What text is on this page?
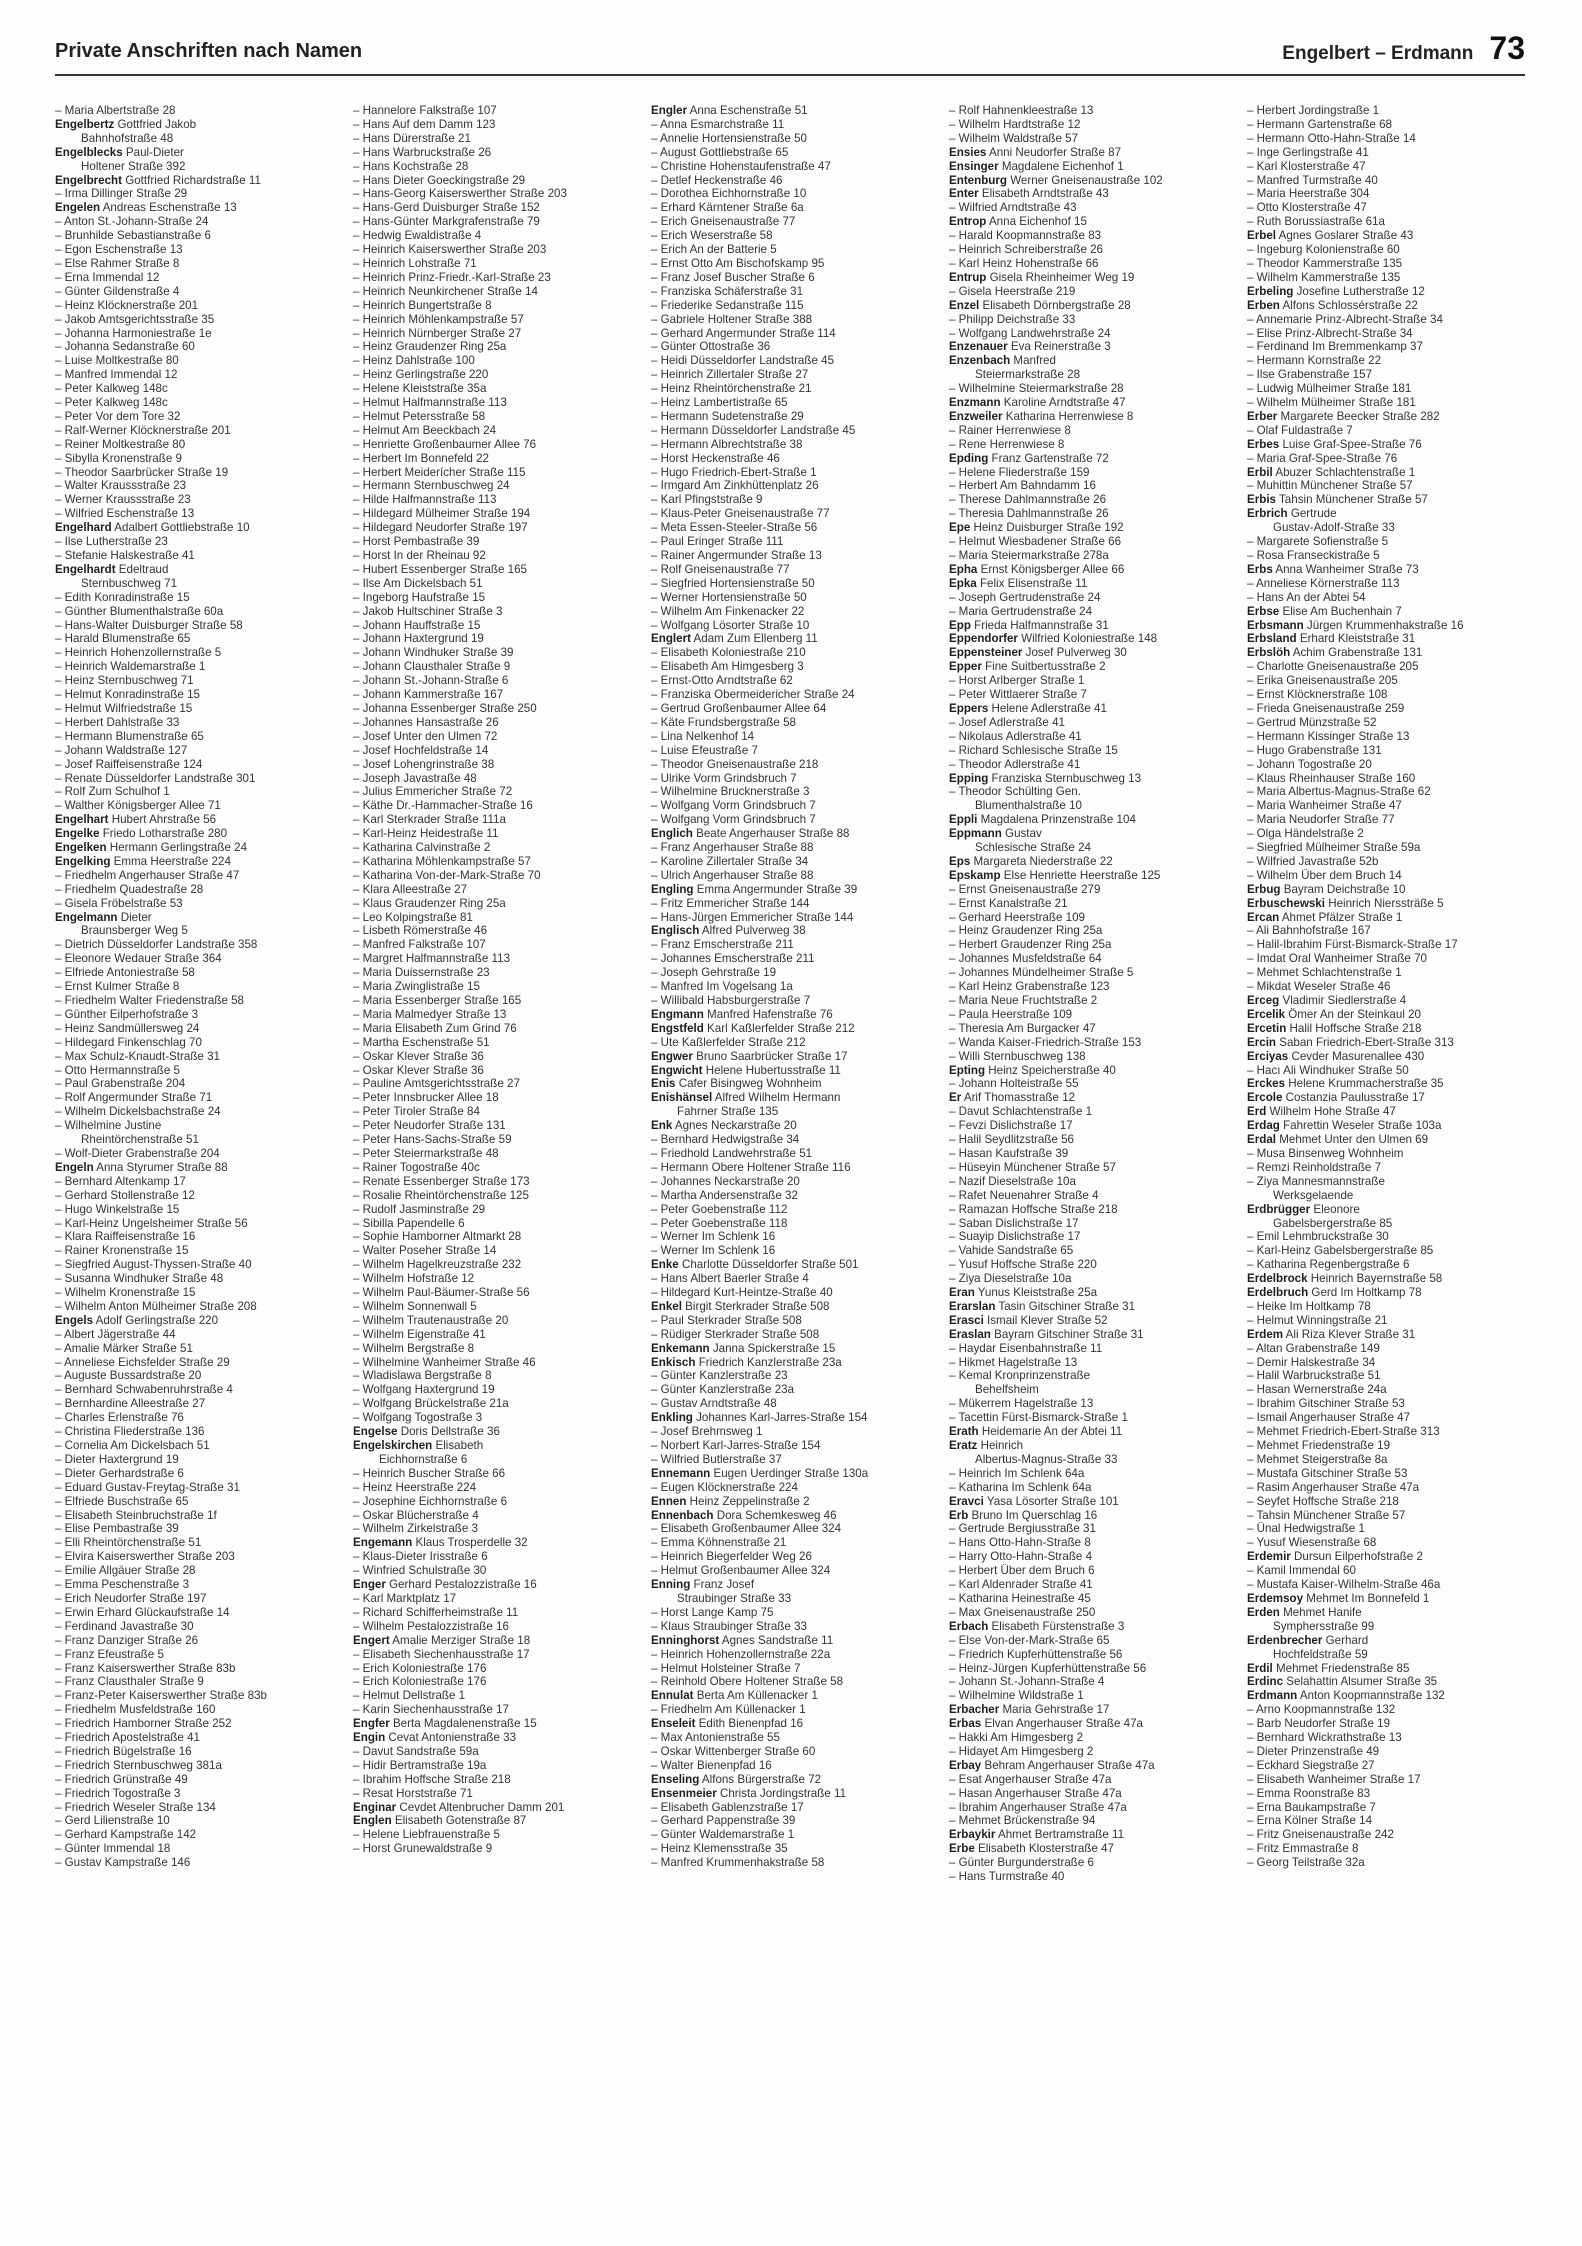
Private Anschriften nach Namen	Engelbert – Erdmann 73
– Maria Albertstraße 28
Engelbertz Gottfried Jakob
Bahnhofstraße 48
Engelblecks Paul-Dieter
Holtener Straße 392
Engelbrecht Gottfried Richardstraße 11
– Irma Dillinger Straße 29
Engelen Andreas Eschenstraße 13
– Anton St.-Johann-Straße 24
– Brunhilde Sebastianstraße 6
– Egon Eschenstraße 13
– Else Rahmer Straße 8
– Erna Immendal 12
– Günter Gildenstraße 4
– Heinz Klöcknerstraße 201
– Jakob Amtsgerichtsstraße 35
– Johanna Harmoniestraße 1e
– Johanna Sedanstraße 60
– Luise Moltkestraße 80
– Manfred Immendal 12
– Peter Kalkweg 148c
– Peter Kalkweg 148c
– Peter Vor dem Tore 32
– Ralf-Werner Klöcknerstraße 201
– Reiner Moltkestraße 80
– Sibylla Kronenstraße 9
– Theodor Saarbrücker Straße 19
– Walter Kraussstraße 23
– Werner Kraussstraße 23
– Wilfried Eschenstraße 13
Engelhard Adalbert Gottliebstraße 10
– Ilse Lutherstraße 23
– Stefanie Halskestraße 41
Engelhardt Edeltraud
Sternbuschweg 71
– Edith Konradinstraße 15
– Günther Blumenthalstraße 60a
– Hans-Walter Duisburger Straße 58
– Harald Blumenstraße 65
– Heinrich Hohenzollernstraße 5
– Heinrich Waldemarstraße 1
– Heinz Sternbuschweg 71
– Helmut Konradinstraße 15
– Helmut Wilfriedstraße 15
– Herbert Dahlstraße 33
– Hermann Blumenstraße 65
– Johann Waldstraße 127
– Josef Raiffeisenstraße 124
– Renate Düsseldorfer Landstraße 301
– Rolf Zum Schulhof 1
– Walther Königsberger Allee 71
Engelhart Hubert Ahrstraße 56
Engelke Friedo Lotharstraße 280
Engelken Hermann Gerlingstraße 24
Engelking Emma Heerstraße 224
– Friedhelm Angerhauser Straße 47
– Friedhelm Quadestraße 28
– Gisela Fröbelstraße 53
Engelmann Dieter
Braunsberger Weg 5
– Dietrich Düsseldorfer Landstraße 358
– Eleonore Wedauer Straße 364
– Elfriede Antoniestraße 58
– Ernst Kulmer Straße 8
– Friedhelm Walter Friedenstraße 58
– Günther Eilperhofstraße 3
– Heinz Sandmüllersweg 24
– Hildegard Finkenschlag 70
– Max Schulz-Knaudt-Straße 31
– Otto Hermannstraße 5
– Paul Grabenstraße 204
– Rolf Angermunder Straße 71
– Wilhelm Dickelsbachstraße 24
– Wilhelmine Justine
Rheintörchenstraße 51
– Wolf-Dieter Grabenstraße 204
Engeln Anna Styrumer Straße 88
– Bernhard Altenkamp 17
– Gerhard Stollenstraße 12
– Hugo Winkelstraße 15
– Karl-Heinz Ungelsheimer Straße 56
– Klara Raiffeisenstraße 16
– Rainer Kronenstraße 15
– Siegfried August-Thyssen-Straße 40
– Susanna Windhuker Straße 48
– Wilhelm Kronenstraße 15
– Wilhelm Anton Mülheimer Straße 208
Engels Adolf Gerlingstraße 220
– Albert Jägerstraße 44
– Amalie Märker Straße 51
– Anneliese Eichsfelder Straße 29
– Auguste Bussardstraße 20
– Bernhard Schwabenruhrstraße 4
– Bernhardine Alleestraße 27
– Charles Erlenstraße 76
– Christina Fliederstraße 136
– Cornelia Am Dickelsbach 51
– Dieter Haxtergrund 19
– Dieter Gerhardstraße 6
– Eduard Gustav-Freytag-Straße 31
– Elfriede Buschstraße 65
– Elisabeth Steinbruchstraße 1f
– Elise Pembastraße 39
– Elli Rheintörchenstraße 51
– Elvira Kaiserswerther Straße 203
– Emilie Allgäuer Straße 28
– Emma Peschenstraße 3
– Erich Neudorfer Straße 197
– Erwin Erhard Glückaufstraße 14
– Ferdinand Javastraße 30
– Franz Danziger Straße 26
– Franz Efeustraße 5
– Franz Kaiserswerther Straße 83b
– Franz Clausthaler Straße 9
– Franz-Peter Kaiserswerther Straße 83b
– Friedhelm Musfeldstraße 160
– Friedrich Hamborner Straße 252
– Friedrich Apostelstraße 41
– Friedrich Bügelstraße 16
– Friedrich Sternbuschweg 381a
– Friedrich Grünstraße 49
– Friedrich Togostraße 3
– Friedrich Weseler Straße 134
– Gerd Lilienstraße 10
– Gerhard Kampstraße 142
– Günter Immendal 18
– Gustav Kampstraße 146
– Hannelore Falkstraße 107
– Hans Auf dem Damm 123
– Hans Dürerstraße 21
– Hans Warbruckstraße 26
– Hans Kochstraße 28
– Hans Dieter Goeckingstraße 29
– Hans-Georg Kaiserswerther Straße 203
– Hans-Gerd Duisburger Straße 152
– Hans-Günter Markgrafenstraße 79
– Hedwig Ewaldistraße 4
– Heinrich Kaiserswerther Straße 203
– Heinrich Lohstraße 71
– Heinrich Prinz-Friedr.-Karl-Straße 23
– Heinrich Neunkirchener Straße 14
– Heinrich Bungertstraße 8
– Heinrich Möhlenkampstraße 57
– Heinrich Nürnberger Straße 27
– Heinz Graudenzer Ring 25a
– Heinz Dahlstraße 100
– Heinz Gerlingstraße 220
– Helene Kleiststraße 35a
– Helmut Halfmannstraße 113
– Helmut Petersstraße 58
– Helmut Am Beeckbach 24
– Henriette Großenbaumer Allee 76
– Herbert Im Bonnefeld 22
– Herbert Meiderícher Straße 115
– Hermann Sternbuschweg 24
– Hilde Halfmannstraße 113
– Hildegard Mülheimer Straße 194
– Hildegard Neudorfer Straße 197
– Horst Pembastraße 39
– Horst In der Rheinau 92
– Hubert Essenberger Straße 165
– Ilse Am Dickelsbach 51
– Ingeborg Haufstraße 15
– Jakob Hultschiner Straße 3
– Johann Hauffstraße 15
– Johann Haxtergrund 19
– Johann Windhuker Straße 39
– Johann Clausthaler Straße 9
– Johann St.-Johann-Straße 6
– Johann Kammerstraße 167
– Johanna Essenberger Straße 250
– Johannes Hansastraße 26
– Josef Unter den Ulmen 72
– Josef Hochfeldstraße 14
– Josef Lohengrinstraße 38
– Joseph Javastraße 48
– Julius Emmericher Straße 72
– Käthe Dr.-Hammacher-Straße 16
– Karl Sterkrader Straße 111a
– Karl-Heinz Heidestraße 11
– Katharina Calvinstraße 2
– Katharina Möhlenkampstraße 57
– Katharina Von-der-Mark-Straße 70
– Klara Alleestraße 27
– Klaus Graudenzer Ring 25a
– Leo Kolpingstraße 81
– Lisbeth Römerstraße 46
– Manfred Falkstraße 107
– Margret Halfmannstraße 113
– Maria Duissernstraße 23
– Maria Zwinglistraße 15
– Maria Essenberger Straße 165
– Maria Malmedyer Straße 13
– Maria Elisabeth Zum Grind 76
– Martha Eschenstraße 51
– Oskar Klever Straße 36
– Oskar Klever Straße 36
– Pauline Amtsgerichtsstraße 27
– Peter Innsbrucker Allee 18
– Peter Tiroler Straße 84
– Peter Neudorfer Straße 131
– Peter Hans-Sachs-Straße 59
– Peter Steiermarkstraße 48
– Rainer Togostraße 40c
– Renate Essenberger Straße 173
– Rosalie Rheintörchenstraße 125
– Rudolf Jasminstraße 29
– Sibilla Papendelle 6
– Sophie Hamborner Altmarkt 28
– Walter Poseher Straße 14
– Wilhelm Hagelkreuzstraße 232
– Wilhelm Hofstraße 12
– Wilhelm Paul-Bäumer-Straße 56
– Wilhelm Sonnenwall 5
– Wilhelm Trautenaustraße 20
– Wilhelm Eigenstraße 41
– Wilhelm Bergstraße 8
– Wilhelmine Wanheimer Straße 46
– Wladislawa Bergstraße 8
– Wolfgang Haxtergrund 19
– Wolfgang Brückelstraße 21a
– Wolfgang Togostraße 3
Engelse Doris Dellstraße 36
Engelskirchen Elisabeth
Eichhornstraße 6
– Heinrich Buscher Straße 66
– Heinz Heerstraße 224
– Josephine Eichhornstraße 6
– Oskar Blücherstraße 4
– Wilhelm Zirkelstraße 3
Engemann Klaus Trosperdelle 32
– Klaus-Dieter Irisstraße 6
– Winfried Schulstraße 30
Enger Gerhard Pestalozzistraße 16
– Karl Marktplatz 17
– Richard Schifferheimstraße 11
– Wilhelm Pestalozzistraße 16
Engert Amalie Merziger Straße 18
– Elisabeth Siechenhausstraße 17
– Erich Koloniestraße 176
– Erich Koloniestraße 176
– Helmut Dellstraße 1
– Karin Siechenhausstraße 17
Engfer Berta Magdalenenstraße 15
Engin Cevat Antonienstraße 33
– Davut Sandstraße 59a
– Hidir Bertramstraße 19a
– Ibrahim Hoffsche Straße 218
– Resat Horststraße 71
Enginar Cevdet Altenbrucher Damm 201
Englen Elisabeth Gotenstraße 87
– Helene Liebfrauenstraße 5
– Horst Grunewaldstraße 9
Engler Anna Eschenstraße 51
– Anna Esmarchstraße 11
– Annelie Hortensienstraße 50
– August Gottliebstraße 65
– Christine Hohenstaufenstraße 47
– Detlef Heckenstraße 46
– Dorothea Eichhornstraße 10
– Erhard Kärntener Straße 6a
– Erich Gneisenaustraße 77
– Erich Weserstraße 58
– Erich An der Batterie 5
– Ernst Otto Am Bischofskamp 95
– Franz Josef Buscher Straße 6
– Franziska Schäferstraße 31
– Friederike Sedanstraße 115
– Gabriele Holtener Straße 388
– Gerhard Angermunder Straße 114
– Günter Ottostraße 36
– Heidi Düsseldorfer Landstraße 45
– Heinrich Zillertaler Straße 27
– Heinz Rheintörchenstraße 21
– Heinz Lambertistraße 65
– Hermann Sudetenstraße 29
– Hermann Düsseldorfer Landstraße 45
– Hermann Albrechtstraße 38
– Horst Heckenstraße 46
– Hugo Friedrich-Ebert-Straße 1
– Irmgard Am Zinkhüttenplatz 26
– Karl Pfingststraße 9
– Klaus-Peter Gneisenaustraße 77
– Meta Essen-Steeler-Straße 56
– Paul Eringer Straße 111
– Rainer Angermunder Straße 13
– Rolf Gneisenaustraße 77
– Siegfried Hortensienstraße 50
– Werner Hortensienstraße 50
– Wilhelm Am Finkenacker 22
– Wolfgang Lösorter Straße 10
Englert Adam Zum Ellenberg 11
– Elisabeth Koloniestraße 210
– Elisabeth Am Himgesberg 3
– Ernst-Otto Arndtstraße 62
– Franziska Obermeidericher Straße 24
– Gertrud Großenbaumer Allee 64
– Käte Frundsbergstraße 58
– Lina Nelkenhof 14
– Luise Efeustraße 7
– Theodor Gneisenaustraße 218
– Ulrike Vorm Grindsbruch 7
– Wilhelmine Brucknerstraße 3
– Wolfgang Vorm Grindsbruch 7
– Wolfgang Vorm Grindsbruch 7
Englich Beate Angerhauser Straße 88
– Franz Angerhauser Straße 88
– Karoline Zillertaler Straße 34
– Ulrich Angerhauser Straße 88
Engling Emma Angermunder Straße 39
– Fritz Emmericher Straße 144
– Hans-Jürgen Emmericher Straße 144
Englisch Alfred Pulverweg 38
– Franz Emscherstraße 211
– Johannes Emscherstraße 211
– Joseph Gehrstraße 19
– Manfred Im Vogelsang 1a
– Willibald Habsburgerstraße 7
Engmann Manfred Hafenstraße 76
Engstfeld Karl Kaßlerfelder Straße 212
– Ute Kaßlerfelder Straße 212
Engwer Bruno Saarbrücker Straße 17
Engwicht Helene Hubertusstraße 11
Enis Cafer Bisingweg Wohnheim
Enishänsel Alfred Wilhelm Hermann
Fahrner Straße 135
Enk Agnes Neckarstraße 20
– Bernhard Hedwigstraße 34
– Friedhold Landwehrstraße 51
– Hermann Obere Holtener Straße 116
– Johannes Neckarstraße 20
– Martha Andersenstraße 32
– Peter Goebenstraße 112
– Peter Goebenstraße 118
– Werner Im Schlenk 16
– Werner Im Schlenk 16
Enke Charlotte Düsseldorfer Straße 501
– Hans Albert Baerler Straße 4
– Hildegard Kurt-Heintze-Straße 40
Enkel Birgit Sterkrader Straße 508
– Paul Sterkrader Straße 508
– Rüdiger Sterkrader Straße 508
Enkemann Janna Spickerstraße 15
Enkisch Friedrich Kanzlerstraße 23a
– Günter Kanzlerstraße 23
– Günter Kanzlerstraße 23a
– Gustav Arndtstraße 48
Enkling Johannes Karl-Jarres-Straße 154
– Josef Brehmsweg 1
– Norbert Karl-Jarres-Straße 154
– Wilfried Butlerstraße 37
Ennemann Eugen Uerdinger Straße 130a
– Eugen Klöcknerstraße 224
Ennen Heinz Zeppelinstraße 2
Ennenbach Dora Schemkesweg 46
– Elisabeth Großenbaumer Allee 324
– Emma Köhnenstraße 21
– Heinrich Biegerfelder Weg 26
– Helmut Großenbaumer Allee 324
Enning Franz Josef
Straubinger Straße 33
– Horst Lange Kamp 75
– Klaus Straubinger Straße 33
Enninghorst Agnes Sandstraße 11
– Heinrich Hohenzollernstraße 22a
– Helmut Holsteiner Straße 7
– Reinhold Obere Holtener Straße 58
Ennulat Berta Am Küllenacker 1
– Friedhelm Am Küllenacker 1
Enseleit Edith Bienenpfad 16
– Max Antonienstraße 55
– Oskar Wittenberger Straße 60
– Walter Bienenpfad 16
Enseling Alfons Bürgerstraße 72
Ensenmeier Christa Jordingstraße 11
– Elisabeth Gablenzstraße 17
– Gerhard Pappenstraße 39
– Günter Waldemarstraße 1
– Heinz Klemensstraße 35
– Manfred Krummenhakstraße 58
– Rolf Hahnenkleestraße 13
– Wilhelm Hardtstraße 12
– Wilhelm Waldstraße 57
Ensies Anni Neudorfer Straße 87
Ensinger Magdalene Eichenhof 1
Entenburg Werner Gneisenaustraße 102
Enter Elisabeth Arndtstraße 43
– Wilfried Arndtstraße 43
Entrop Anna Eichenhof 15
– Harald Koopmannstraße 83
– Heinrich Schreiberstraße 26
– Karl Heinz Hohenstraße 66
Entrup Gisela Rheinheimer Weg 19
– Gisela Heerstraße 219
Enzel Elisabeth Dörnbergstraße 28
– Philipp Deichstraße 33
– Wolfgang Landwehrstraße 24
Enzenauer Eva Reinerstraße 3
Enzenbach Manfred
Steiermarkstraße 28
– Wilhelmine Steiermarkstraße 28
Enzmann Karoline Arndtstraße 47
Enzweiler Katharina Herrenwiese 8
– Rainer Herrenwiese 8
– Rene Herrenwiese 8
Epding Franz Gartenstraße 72
– Helene Fliederstraße 159
– Herbert Am Bahndamm 16
– Therese Dahlmannstraße 26
– Theresia Dahlmannstraße 26
Epe Heinz Duisburger Straße 192
– Helmut Wiesbadener Straße 66
– Maria Steiermarkstraße 278a
Epha Ernst Königsberger Allee 66
Epka Felix Elisenstraße 11
– Joseph Gertrudenstraße 24
– Maria Gertrudenstraße 24
Epp Frieda Halfmannstraße 31
Eppendorfer Wilfried Koloniestraße 148
Eppensteiner Josef Pulverweg 30
Epper Fine Suitbertusstraße 2
– Horst Arlberger Straße 1
– Peter Wittlaerer Straße 7
Eppers Helene Adlerstraße 41
– Josef Adlerstraße 41
– Nikolaus Adlerstraße 41
– Richard Schlesische Straße 15
– Theodor Adlerstraße 41
Epping Franziska Sternbuschweg 13
– Theodor Schülting Gen.
Blumenthalstraße 10
Eppli Magdalena Prinzenstraße 104
Eppmann Gustav
Schlesische Straße 24
Eps Margareta Niederstraße 22
Epskamp Else Henriette Heerstraße 125
– Ernst Gneisenaustraße 279
– Ernst Kanalstraße 21
– Gerhard Heerstraße 109
– Heinz Graudenzer Ring 25a
– Herbert Graudenzer Ring 25a
– Johannes Musfeldstraße 64
– Johannes Mündelheimer Straße 5
– Karl Heinz Grabenstraße 123
– Maria Neue Fruchtstraße 2
– Paula Heerstraße 109
– Theresia Am Burgacker 47
– Wanda Kaiser-Friedrich-Straße 153
– Willi Sternbuschweg 138
Epting Heinz Speicherstraße 40
– Johann Holteistraße 55
Er Arif Thomasstraße 12
– Davut Schlachtenstraße 1
– Fevzi Dislichstraße 17
– Halil Seydlitzstraße 56
– Hasan Kaufstraße 39
– Hüseyin Münchener Straße 57
– Nazif Dieselstraße 10a
– Rafet Neuenahrer Straße 4
– Ramazan Hoffsche Straße 218
– Saban Dislichstraße 17
– Suayip Dislichstraße 17
– Vahide Sandstraße 65
– Yusuf Hoffsche Straße 220
– Ziya Dieselstraße 10a
Eran Yunus Kleiststraße 25a
Erarslan Tasin Gitschiner Straße 31
Erasci Ismail Klever Straße 52
Eraslan Bayram Gitschiner Straße 31
– Haydar Eisenbahnstraße 11
– Hikmet Hagelstraße 13
– Kemal Kronprinzenstraße
Behelfsheim
– Mükerrem Hagelstraße 13
– Tacettin Fürst-Bismarck-Straße 1
Erath Heidemarie An der Abtei 11
Eratz Heinrich
Albertus-Magnus-Straße 33
– Heinrich Im Schlenk 64a
– Katharina Im Schlenk 64a
Eravci Yasa Lösorter Straße 101
Erb Bruno Im Querschlag 16
– Gertrude Bergiusstraße 31
– Hans Otto-Hahn-Straße 8
– Harry Otto-Hahn-Straße 4
– Herbert Über dem Bruch 6
– Karl Aldenrader Straße 41
– Katharina Heinestraße 45
– Max Gneisenaustraße 250
Erbach Elisabeth Fürstenstraße 3
– Else Von-der-Mark-Straße 65
– Friedrich Kupferhüttenstraße 56
– Heinz-Jürgen Kupferhüttenstraße 56
– Johann St.-Johann-Straße 4
– Wilhelmine Wildstraße 1
Erbacher Maria Gehrstraße 17
Erbas Elvan Angerhauser Straße 47a
– Hakki Am Himgesberg 2
– Hidayet Am Himgesberg 2
Erbay Behram Angerhauser Straße 47a
– Esat Angerhauser Straße 47a
– Hasan Angerhauser Straße 47a
– Ibrahim Angerhauser Straße 47a
– Mehmet Brückenstraße 94
Erbaykir Ahmet Bertramstraße 11
Erbe Elisabeth Klosterstraße 47
– Günter Burgunderstraße 6
– Hans Turmstraße 40
– Herbert Jordingstraße 1
– Hermann Gartenstraße 68
– Hermann Otto-Hahn-Straße 14
– Inge Gerlingstraße 41
– Karl Klosterstraße 47
– Manfred Turmstraße 40
– Maria Heerstraße 304
– Otto Klosterstraße 47
– Ruth Borussiastraße 61a
Erbel Agnes Goslarer Straße 43
– Ingeburg Kolonienstraße 60
– Theodor Kammerstraße 135
– Wilhelm Kammerstraße 135
Erbeling Josefine Lutherstraße 12
Erben Alfons Schlossérstraße 22
– Annemarie Prinz-Albrecht-Straße 34
– Elise Prinz-Albrecht-Straße 34
– Ferdinand Im Bremmenkamp 37
– Hermann Kornstraße 22
– Ilse Grabenstraße 157
– Ludwig Mülheimer Straße 181
– Wilhelm Mülheimer Straße 181
Erber Margarete Beecker Straße 282
– Olaf Fuldastraße 7
Erbes Luise Graf-Spee-Straße 76
– Maria Graf-Spee-Straße 76
Erbil Abuzer Schlachtenstraße 1
– Muhittin Münchener Straße 57
Erbis Tahsin Münchener Straße 57
Erbrich Gertrude
Gustav-Adolf-Straße 33
– Margarete Sofienstraße 5
– Rosa Franseckistraße 5
Erbs Anna Wanheimer Straße 73
– Anneliese Körnerstraße 113
– Hans An der Abtei 54
Erbse Elise Am Buchenhain 7
Erbsmann Jürgen Krummenhakstraße 16
Erbsland Erhard Kleiststraße 31
Erbslöh Achim Grabenstraße 131
– Charlotte Gneisenaustraße 205
– Erika Gneisenaustraße 205
– Ernst Klöcknerstraße 108
– Frieda Gneisenaustraße 259
– Gertrud Münzstraße 52
– Hermann Kissinger Straße 13
– Hugo Grabenstraße 131
– Johann Togostraße 20
– Klaus Rheinhauser Straße 160
– Maria Albertus-Magnus-Straße 62
– Maria Wanheimer Straße 47
– Maria Neudorfer Straße 77
– Olga Händelstraße 2
– Siegfried Mülheimer Straße 59a
– Wilfried Javastraße 52b
– Wilhelm Über dem Bruch 14
Erbug Bayram Deichstraße 10
Erbuschewski Heinrich Nierssträße 5
Ercan Ahmet Pfälzer Straße 1
– Ali Bahnhofstraße 167
– Halil-Ibrahim Fürst-Bismarck-Straße 17
– Imdat Oral Wanheimer Straße 70
– Mehmet Schlachtenstraße 1
– Mikdat Weseler Straße 46
Erceg Vladimir Siedlerstraße 4
Ercelik Ömer An der Steinkaul 20
Ercetin Halil Hoffsche Straße 218
Ercin Saban Friedrich-Ebert-Straße 313
Erciyas Cevder Masurenallee 430
– Hacı Ali Windhuker Straße 50
Erckes Helene Krummacherstraße 35
Ercole Costanzia Paulusstraße 17
Erd Wilhelm Hohe Straße 47
Erdag Fahrettin Weseler Straße 103a
Erdal Mehmet Unter den Ulmen 69
– Musa Binsenweg Wohnheim
– Remzi Reinholdstraße 7
– Ziya Mannesmannstraße
Werksgelaende
Erdbrügger Eleonore
Gabelsbergerstraße 85
– Emil Lehmbruckstraße 30
– Karl-Heinz Gabelsbergerstraße 85
– Katharina Regenbergstraße 6
Erdelbrock Heinrich Bayernstraße 58
Erdelbruch Gerd Im Holtkamp 78
– Heike Im Holtkamp 78
– Helmut Winningstraße 21
Erdem Ali Riza Klever Straße 31
– Altan Grabenstraße 149
– Demir Halskestraße 34
– Halil Warbruckstraße 51
– Hasan Wernerstraße 24a
– Ibrahim Gitschiner Straße 53
– Ismail Angerhauser Straße 47
– Mehmet Friedrich-Ebert-Straße 313
– Mehmet Friedenstraße 19
– Mehmet Steigerstraße 8a
– Mustafa Gitschiner Straße 53
– Rasim Angerhauser Straße 47a
– Seyfet Hoffsche Straße 218
– Tahsin Münchener Straße 57
– Ünal Hedwigstraße 1
– Yusuf Wiesenstraße 68
Erdemir Dursun Eilperhofstraße 2
– Kamil Immendal 60
– Mustafa Kaiser-Wilhelm-Straße 46a
Erdemsoy Mehmet Im Bonnefeld 1
Erden Mehmet Hanife
Symphersstraße 99
Erdenbrecher Gerhard
Hochfeldstraße 59
Erdil Mehmet Friedenstraße 85
Erdinc Selahattin Alsumer Straße 35
Erdmann Anton Koopmannstraße 132
– Arno Koopmannstraße 132
– Barb Neudorfer Straße 19
– Bernhard Wickrathstraße 13
– Dieter Prinzenstraße 49
– Eckhard Siegstraße 27
– Elisabeth Wanheimer Straße 17
– Emma Roonstraße 83
– Erna Baukampstraße 7
– Erna Kölner Straße 14
– Fritz Gneisenaustraße 242
– Fritz Emmastraße 8
– Georg Teilstraße 32a
